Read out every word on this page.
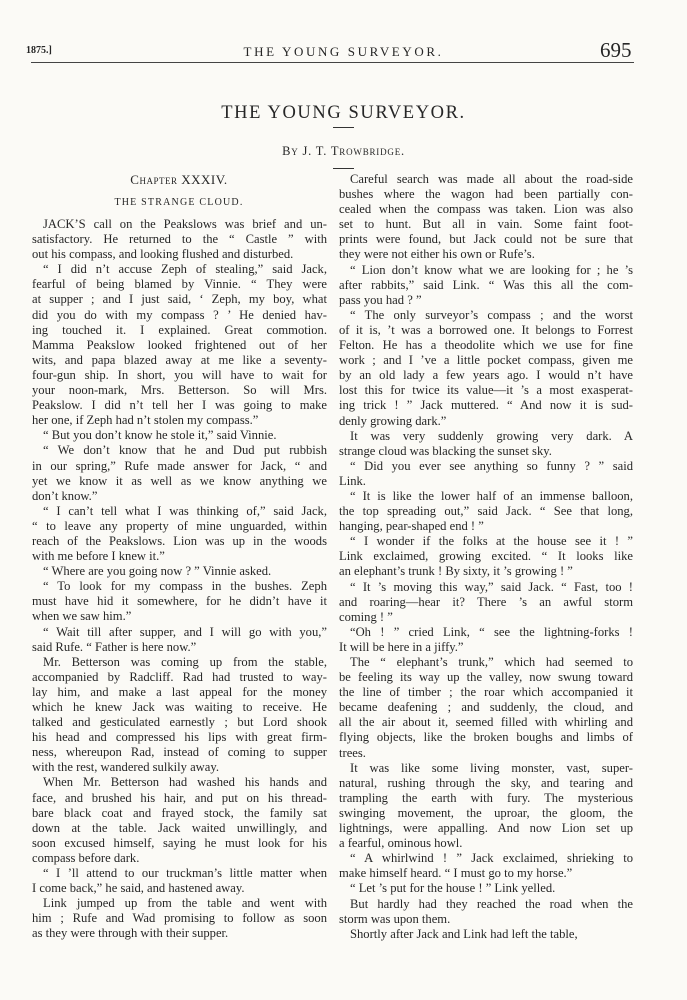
1875.]	THE YOUNG SURVEYOR.	695
THE YOUNG SURVEYOR.
By J. T. Trowbridge.
Chapter XXXIV.
THE STRANGE CLOUD.
JACK’S call on the Peakslows was brief and un-
satisfactory. He returned to the “ Castle ” with
out his compass, and looking flushed and disturbed.
“ I did n’t accuse Zeph of stealing,” said Jack,
fearful of being blamed by Vinnie. “ They were
at supper ; and I just said, ‘ Zeph, my boy, what
did you do with my compass ? ’ He denied hav-
ing touched it. I explained. Great commotion.
Mamma Peakslow looked frightened out of her
wits, and papa blazed away at me like a seventy-
four-gun ship. In short, you will have to wait for
your noon-mark, Mrs. Betterson. So will Mrs.
Peakslow. I did n’t tell her I was going to make
her one, if Zeph had n’t stolen my compass.”
“ But you don’t know he stole it,” said Vinnie.
“ We don’t know that he and Dud put rubbish
in our spring,” Rufe made answer for Jack, “ and
yet we know it as well as we know anything we
don’t know.”
“ I can’t tell what I was thinking of,” said Jack,
“ to leave any property of mine unguarded, within
reach of the Peakslows. Lion was up in the woods
with me before I knew it.”
“ Where are you going now ? ” Vinnie asked.
“ To look for my compass in the bushes. Zeph
must have hid it somewhere, for he didn’t have it
when we saw him.”
“ Wait till after supper, and I will go with you,”
said Rufe. “ Father is here now.”
Mr. Betterson was coming up from the stable,
accompanied by Radcliff. Rad had trusted to way-
lay him, and make a last appeal for the money
which he knew Jack was waiting to receive. He
talked and gesticulated earnestly ; but Lord shook
his head and compressed his lips with great firm-
ness, whereupon Rad, instead of coming to supper
with the rest, wandered sulkily away.
When Mr. Betterson had washed his hands and
face, and brushed his hair, and put on his thread-
bare black coat and frayed stock, the family sat
down at the table. Jack waited unwillingly, and
soon excused himself, saying he must look for his
compass before dark.
“ I ’ll attend to our truckman’s little matter when
I come back,” he said, and hastened away.
Link jumped up from the table and went with
him ; Rufe and Wad promising to follow as soon
as they were through with their supper.
Careful search was made all about the road-side
bushes where the wagon had been partially con-
cealed when the compass was taken. Lion was also
set to hunt. But all in vain. Some faint foot-
prints were found, but Jack could not be sure that
they were not either his own or Rufe’s.
“ Lion don’t know what we are looking for ; he ’s
after rabbits,” said Link. “ Was this all the com-
pass you had ? ”
“ The only surveyor’s compass ; and the worst
of it is, ’t was a borrowed one. It belongs to Forrest
Felton. He has a theodolite which we use for fine
work ; and I ’ve a little pocket compass, given me
by an old lady a few years ago. I would n’t have
lost this for twice its value—it ’s a most exasperat-
ing trick ! ” Jack muttered. “ And now it is sud-
denly growing dark.”
It was very suddenly growing very dark. A
strange cloud was blacking the sunset sky.
“ Did you ever see anything so funny ? ” said
Link.
“ It is like the lower half of an immense balloon,
the top spreading out,” said Jack. “ See that long,
hanging, pear-shaped end ! ”
“ I wonder if the folks at the house see it ! ”
Link exclaimed, growing excited. “ It looks like
an elephant’s trunk ! By sixty, it ’s growing ! ”
“ It ’s moving this way,” said Jack. “ Fast, too !
and roaring—hear it? There ’s an awful storm
coming ! ”
“Oh ! ” cried Link, “ see the lightning-forks !
It will be here in a jiffy.”
The “ elephant’s trunk,” which had seemed to
be feeling its way up the valley, now swung toward
the line of timber ; the roar which accompanied it
became deafening ; and suddenly, the cloud, and
all the air about it, seemed filled with whirling and
flying objects, like the broken boughs and limbs of
trees.
It was like some living monster, vast, super-
natural, rushing through the sky, and tearing and
trampling the earth with fury. The mysterious
swinging movement, the uproar, the gloom, the
lightnings, were appalling. And now Lion set up
a fearful, ominous howl.
“ A whirlwind ! ” Jack exclaimed, shrieking to
make himself heard. “ I must go to my horse.”
“ Let ’s put for the house ! ” Link yelled.
But hardly had they reached the road when the
storm was upon them.
Shortly after Jack and Link had left the table,
